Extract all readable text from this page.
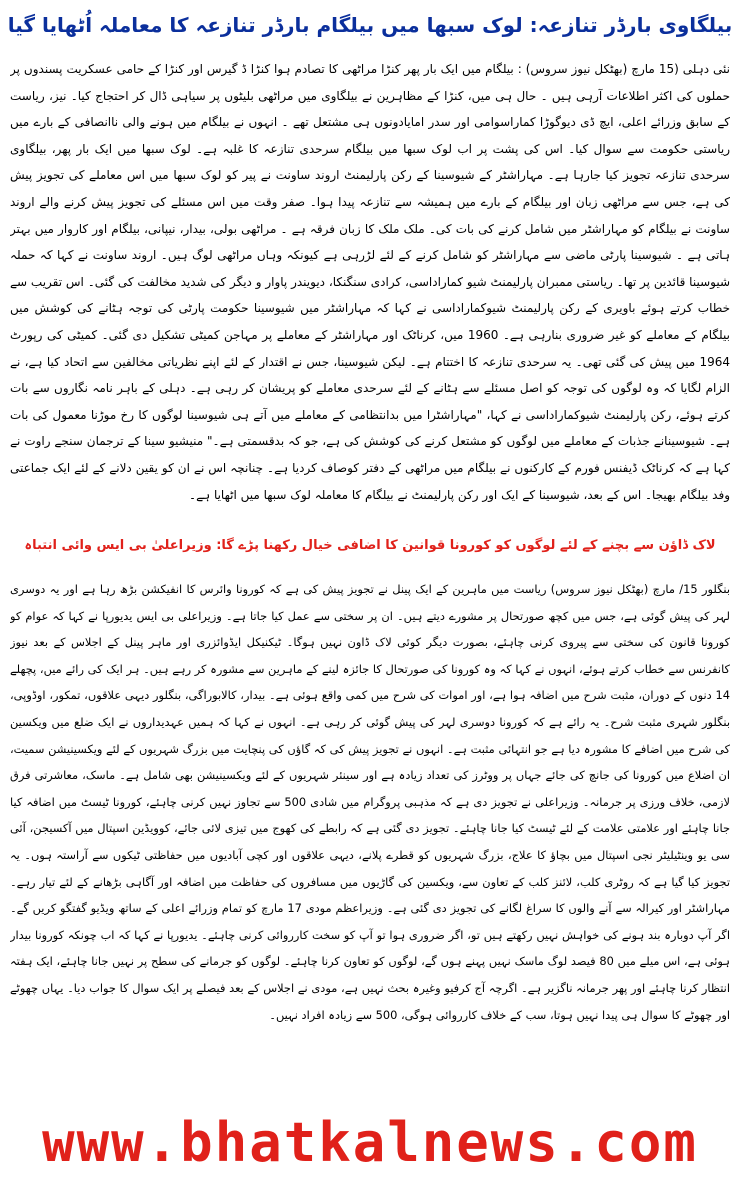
بیلگاوی بارڈر تنازعہ: لوک سبھا میں بیلگام بارڈر تنازعہ کا معاملہ اُٹھایا گیا

نئی دہلی (15 مارچ (بھٹکل نیوز سروس) : بیلگام میں ایک بار پھر کنڑا مراٹھی کا تصادم ہوا کنڑا ڈ گیرس اور کنڑا کے حامی عسکریت پسندوں پر حملوں کی اکثر اطلاعات آرہی ہیں ۔ حال ہی میں، کنڑا کے مظاہرین نے بیلگاوی میں مراٹھی بلیٹوں پر سیاہی ڈال کر احتجاج کیا۔ نیز، ریاست کے سابق وزرائے اعلی، ایچ ڈی دیوگوڑا کماراسوامی اور سدر امایادونوں ہی مشتعل تھے ۔ انہوں نے بیلگام میں ہونے والی ناانصافی کے بارے میں ریاستی حکومت سے سوال کیا۔ اس کی پشت پر اب لوک سبھا میں بیلگام سرحدی تنازعہ کا غلبہ ہے۔ لوک سبھا میں ایک بار پھر، بیلگاوی سرحدی تنازعہ تجویز کیا جارہا ہے۔ مہاراشٹر کے شیوسینا کے رکن پارلیمنٹ اروند ساونت نے پیر کو لوک سبھا میں اس معاملے کی تجویز پیش کی ہے، جس سے مراٹھی زبان اور بیلگام کے بارے میں ہمیشہ سے تنازعہ پیدا ہوا۔ صفر وقت میں اس مسئلے کی تجویز پیش کرنے والے اروند ساونت نے بیلگام کو مہاراشٹر میں شامل کرنے کی بات کی۔ ملک ملک کا زبان فرقہ ہے ۔ مراٹھی بولی، بیدار، نیپانی، بیلگام اور کاروار میں بہتر ہاتی ہے ۔ شیوسینا پارٹی ماضی سے مہاراشٹر کو شامل کرنے کے لئے لڑرہی ہے کیونکہ وہاں مراٹھی لوگ ہیں۔ اروند ساونت نے کہا کہ حملہ شیوسینا قائدین پر تھا۔ ریاستی ممبران پارلیمنٹ شیو کماراداسی، کرادی سنگنکا، دیویندر پاوار و دیگر کی شدید مخالفت کی گئی۔ اس تقریب سے خطاب کرتے ہوئے باویری کے رکن پارلیمنٹ شیوکماراداسی نے کہا کہ مہاراشٹر میں شیوسینا حکومت پارٹی کی توجہ ہٹانے کی کوشش میں بیلگام کے معاملے کو غیر ضروری بنارہی ہے۔ 1960 میں، کرناٹک اور مہاراشٹر کے معاملے پر مہاجن کمیٹی تشکیل دی گئی۔ کمیٹی کی رپورٹ 1964 میں پیش کی گئی تھی۔ یہ سرحدی تنازعہ کا اختتام ہے۔ لیکن شیوسینا، جس نے اقتدار کے لئے اپنے نظریاتی مخالفین سے اتحاد کیا ہے، نے الزام لگایا کہ وہ لوگوں کی توجہ کو اصل مسئلے سے ہٹانے کے لئے سرحدی معاملے کو پریشان کر رہی ہے۔ دہلی کے باہر نامہ نگاروں سے بات کرتے ہوئے، رکن پارلیمنٹ شیوکماراداسی نے کہا، "مہاراشٹرا میں بدانتظامی کے معاملے میں آتے ہی شیوسینا لوگوں کا رخ موڑنا معمول کی بات ہے۔ شیوسینانے جذبات کے معاملے میں لوگوں کو مشتعل کرنے کی کوشش کی ہے، جو کہ بدقسمتی ہے۔" منیشیو سینا کے ترجمان سنجے راوت نے کہا ہے کہ کرناٹک ڈیفنس فورم کے کارکنوں نے بیلگام میں مراٹھی کے دفتر کوصاف کردیا ہے۔ چنانچہ اس نے ان کو یقین دلانے کے لئے ایک جماعتی وفد بیلگام بھیجا۔ اس کے بعد، شیوسینا کے ایک اور رکن پارلیمنٹ نے بیلگام کا معاملہ لوک سبھا میں اٹھایا ہے۔

لاک ڈاؤن سے بچنے کے لئے لوگوں کو کورونا قوانین کا اضافی خیال رکھنا پڑے گا: وزیراعلیٰ بی ایس وائی انتباہ

بنگلور 15/ مارچ (بھٹکل نیوز سروس) ریاست میں ماہرین کے ایک پینل نے تجویز پیش کی ہے کہ کورونا وائرس کا انفیکشن بڑھ رہا ہے اور یہ دوسری لہر کی پیش گوئی ہے، جس میں کچھ صورتحال پر مشورے دیتے ہیں۔ ان پر سختی سے عمل کیا جاتا ہے۔ وزیراعلی بی ایس یدیورپا نے کہا کہ عوام کو کورونا قانون کی سختی سے پیروی کرنی چاہئے، بصورت دیگر کوئی لاک ڈاون نہیں ہوگا۔ ٹیکنیکل ایڈوائزری اور ماہر پینل کے اجلاس کے بعد نیوز کانفرنس سے خطاب کرتے ہوئے، انہوں نے کہا کہ وہ کورونا کی صورتحال کا جائزہ لینے کے ماہرین سے مشورہ کر رہے ہیں۔ ہر ایک کی رائے میں، پچھلے 14 دنوں کے دوران، مثبت شرح میں اضافہ ہوا ہے، اور اموات کی شرح میں کمی واقع ہوئی ہے۔ بیدار، کالابوراگی، بنگلور دیہی علاقوں، تمکور، اوڈوپی، بنگلور شہری مثبت شرح۔ یہ رائے ہے کہ کورونا دوسری لہر کی پیش گوئی کر رہی ہے۔ انہوں نے کہا کہ ہمیں عہدیداروں نے ایک ضلع میں ویکسین کی شرح میں اضافے کا مشورہ دیا ہے جو انتہائی مثبت ہے۔ انہوں نے تجویز پیش کی کہ گاؤں کی پنچایت میں بزرگ شہریوں کے لئے ویکسینیشن سمیت، ان اضلاع میں کورونا کی جانچ کی جائے جہاں پر ووٹرز کی تعداد زیادہ ہے اور سینئر شہریوں کے لئے ویکسینیشن بھی شامل ہے۔ ماسک، معاشرتی فرق لازمی، خلاف ورزی پر جرمانہ۔ وزیراعلی نے تجویز دی ہے کہ مذہبی پروگرام میں شادی 500 سے تجاوز نہیں کرنی چاہئے، کورونا ٹیسٹ میں اضافہ کیا جانا چاہئے اور علامتی علامت کے لئے ٹیسٹ کیا جانا چاہئے۔ تجویز دی گئی ہے کہ رابطے کی کھوج میں تیزی لائی جائے، کوویڈین اسپتال میں آکسیجن، آئی سی یو وینٹیلیٹر نجی اسپتال میں بچاؤ کا علاج، بزرگ شہریوں کو قطرے پلانے، دیہی علاقوں اور کچی آبادیوں میں حفاظتی ٹیکوں سے آراستہ ہوں۔ یہ تجویز کیا گیا ہے کہ روٹری کلب، لائنز کلب کے تعاون سے، ویکسین کی گاڑیوں میں مسافروں کی حفاظت میں اضافہ اور آگاہی بڑھانے کے لئے تیار رہے۔ مہاراشٹر اور کیرالہ سے آنے والوں کا سراغ لگانے کی تجویز دی گئی ہے۔ وزیراعظم مودی 17 مارچ کو تمام وزرائے اعلی کے ساتھ ویڈیو گفتگو کریں گے۔ اگر آپ دوبارہ بند ہونے کی خواہش نہیں رکھتے ہیں تو، اگر ضروری ہوا تو آپ کو سخت کارروائی کرنی چاہئے۔ یدیورپا نے کہا کہ اب چونکہ کورونا بیدار ہوئی ہے، اس میلے میں 80 فیصد لوگ ماسک نہیں پہنے ہوں گے، لوگوں کو تعاون کرنا چاہئے۔ لوگوں کو جرمانے کی سطح پر نہیں جانا چاہئے، ایک ہفتہ انتظار کرنا چاہئے اور پھر جرمانہ ناگزیر ہے۔ اگرچہ آج کرفیو وغیرہ بحث نہیں ہے، مودی نے اجلاس کے بعد فیصلے پر ایک سوال کا جواب دیا۔ یہاں چھوٹے اور چھوٹے کا سوال ہی پیدا نہیں ہوتا، سب کے خلاف کارروائی ہوگی، 500 سے زیادہ افراد نہیں۔

www.bhatkalnews.com
